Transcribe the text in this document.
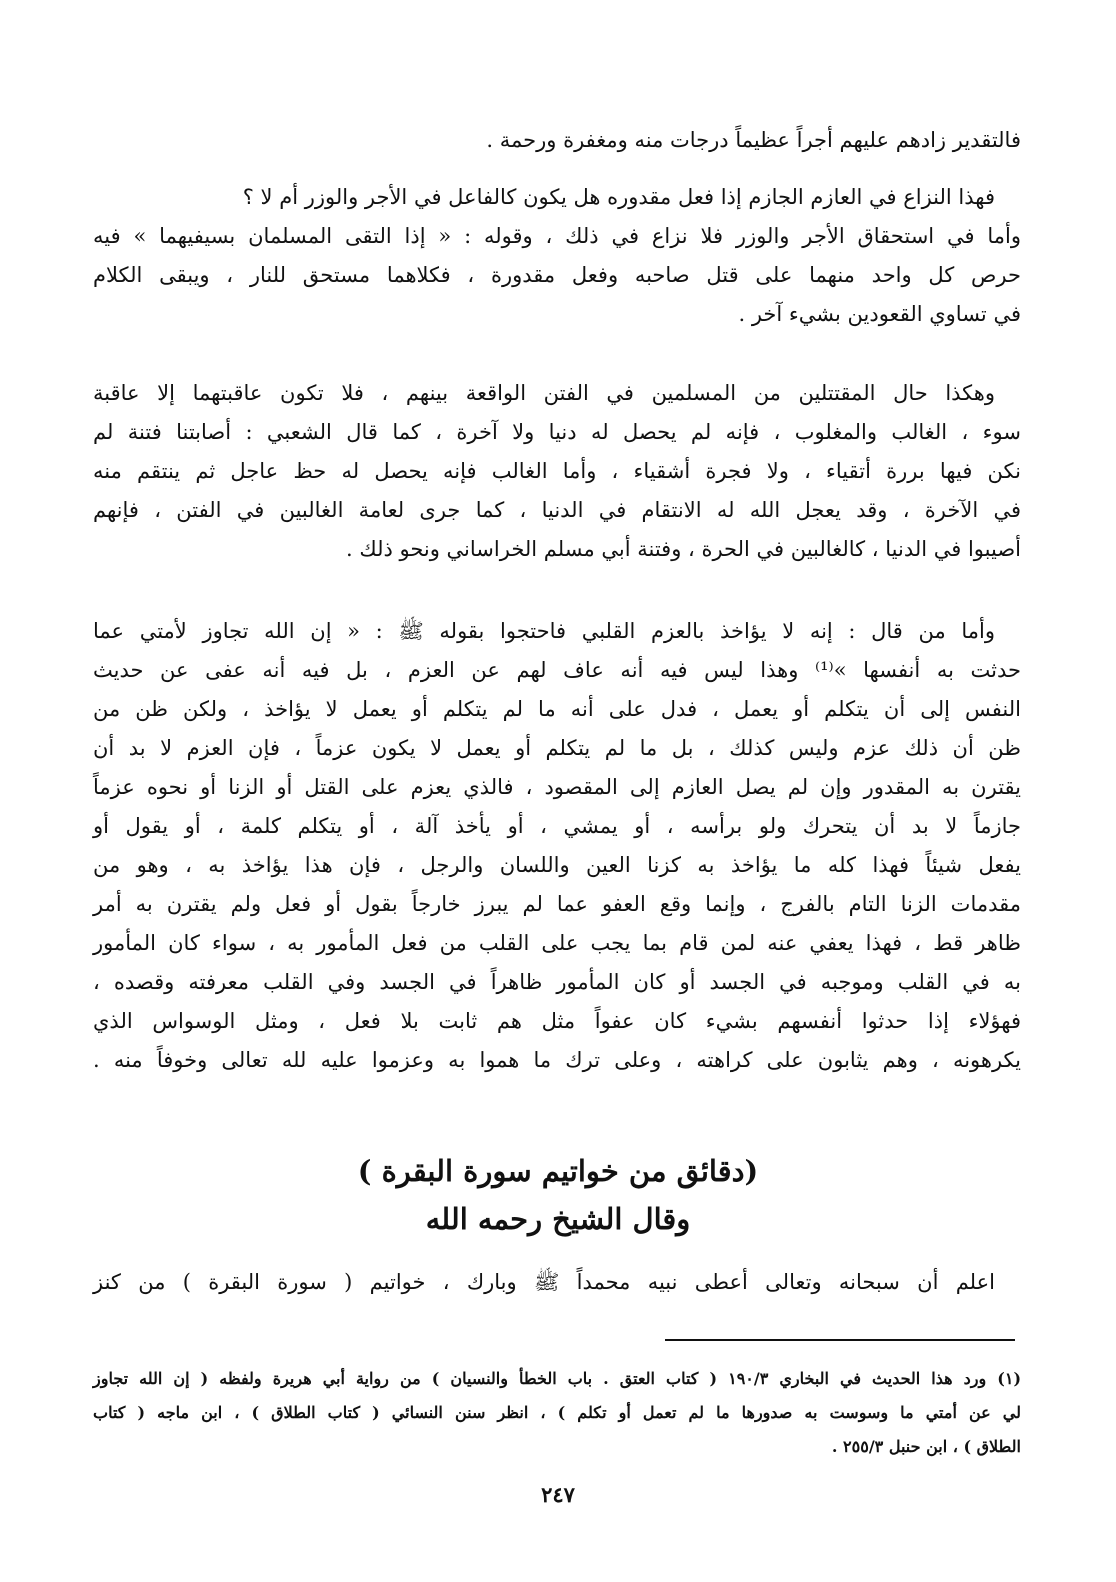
فالتقدير زادهم عليهم أجراً عظيماً درجات منه ومغفرة ورحمة .
فهذا النزاع في العازم الجازم إذا فعل مقدوره هل يكون كالفاعل في الأجر والوزر أم لا ؟
وأما في استحقاق الأجر والوزر فلا نزاع في ذلك ، وقوله : « إذا التقى المسلمان بسيفيهما » فيه
حرص كل واحد منهما على قتل صاحبه وفعل مقدورة ، فكلاهما مستحق للنار ، ويبقى الكلام
في تساوي القعودين بشيء آخر .
وهكذا حال المقتتلين من المسلمين في الفتن الواقعة بينهم ، فلا تكون عاقبتهما إلا عاقبة
سوء ، الغالب والمغلوب ، فإنه لم يحصل له دنيا ولا آخرة ، كما قال الشعبي : أصابتنا فتنة لم
نكن فيها بررة أتقياء ، ولا فجرة أشقياء ، وأما الغالب فإنه يحصل له حظ عاجل ثم ينتقم منه
في الآخرة ، وقد يعجل الله له الانتقام في الدنيا ، كما جرى لعامة الغالبين في الفتن ، فإنهم
أصيبوا في الدنيا ، كالغالبين في الحرة ، وفتنة أبي مسلم الخراساني ونحو ذلك .
وأما من قال : إنه لا يؤاخذ بالعزم القلبي فاحتجوا بقوله ﷺ : « إن الله تجاوز لأمتي عما
حدثت به أنفسها »⁽¹⁾ وهذا ليس فيه أنه عاف لهم عن العزم ، بل فيه أنه عفى عن حديث
النفس إلى أن يتكلم أو يعمل ، فدل على أنه ما لم يتكلم أو يعمل لا يؤاخذ ، ولكن ظن من
ظن أن ذلك عزم وليس كذلك ، بل ما لم يتكلم أو يعمل لا يكون عزماً ، فإن العزم لا بد أن
يقترن به المقدور وإن لم يصل العازم إلى المقصود ، فالذي يعزم على القتل أو الزنا أو نحوه عزماً
جازماً لا بد أن يتحرك ولو برأسه ، أو يمشي ، أو يأخذ آلة ، أو يتكلم كلمة ، أو يقول أو
يفعل شيئاً فهذا كله ما يؤاخذ به كزنا العين واللسان والرجل ، فإن هذا يؤاخذ به ، وهو من
مقدمات الزنا التام بالفرج ، وإنما وقع العفو عما لم يبرز خارجاً بقول أو فعل ولم يقترن به أمر
ظاهر قط ، فهذا يعفي عنه لمن قام بما يجب على القلب من فعل المأمور به ، سواء كان المأمور
به في القلب وموجبه في الجسد أو كان المأمور ظاهراً في الجسد وفي القلب معرفته وقصده ،
فهؤلاء إذا حدثوا أنفسهم بشيء كان عفواً مثل هم ثابت بلا فعل ، ومثل الوسواس الذي
يكرهونه ، وهم يثابون على كراهته ، وعلى ترك ما هموا به وعزموا عليه لله تعالى وخوفاً منه .
(دقائق من خواتيم سورة البقرة )
وقال الشيخ رحمه الله
اعلم أن سبحانه وتعالى أعطى نبيه محمداً ﷺ وبارك ، خواتيم ( سورة البقرة ) من كنز
(١) ورد هذا الحديث في البخاري ١٩٠/٣ ( كتاب العتق . باب الخطأ والنسيان ) من رواية أبي هريرة ولفظه ( إن الله تجاوز
لي عن أمتي ما وسوست به صدورها ما لم تعمل أو تكلم ) ، انظر سنن النسائي ( كتاب الطلاق ) ، ابن ماجه ( كتاب
الطلاق ) ، ابن حنبل ٢٥٥/٣ .
٢٤٧
